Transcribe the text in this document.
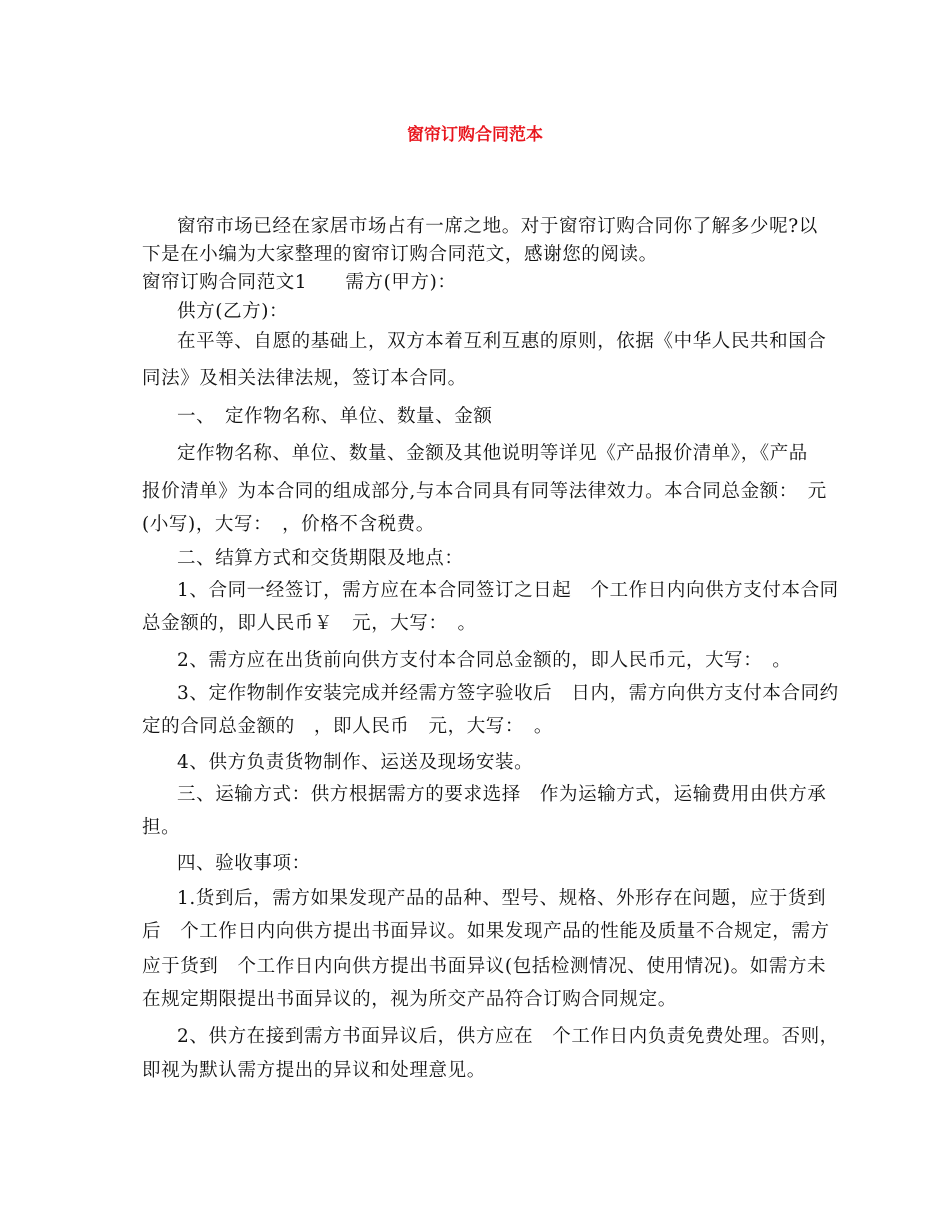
窗帘订购合同范本
窗帘市场已经在家居市场占有一席之地。对于窗帘订购合同你了解多少呢?以
下是在小编为大家整理的窗帘订购合同范文，感谢您的阅读。
窗帘订购合同范文1　　需方(甲方)：
供方(乙方)：
在平等、自愿的基础上，双方本着互利互惠的原则，依据《中华人民共和国合
同法》及相关法律法规，签订本合同。
一、　定作物名称、单位、数量、金额
定作物名称、单位、数量、金额及其他说明等详见《产品报价清单》，《产品
报价清单》为本合同的组成部分,与本合同具有同等法律效力。本合同总金额：　元
(小写)，大写：　，价格不含税费。
二、结算方式和交货期限及地点：
1、合同一经签订，需方应在本合同签订之日起　个工作日内向供方支付本合同
总金额的，即人民币￥　元，大写：　。
2、需方应在出货前向供方支付本合同总金额的，即人民币元，大写：　。
3、定作物制作安装完成并经需方签字验收后　日内，需方向供方支付本合同约
定的合同总金额的　，即人民币　元，大写：　。
4、供方负责货物制作、运送及现场安装。
三、运输方式：供方根据需方的要求选择　作为运输方式，运输费用由供方承
担。
四、验收事项：
1.货到后，需方如果发现产品的品种、型号、规格、外形存在问题，应于货到
后　个工作日内向供方提出书面异议。如果发现产品的性能及质量不合规定，需方
应于货到　个工作日内向供方提出书面异议(包括检测情况、使用情况)。如需方未
在规定期限提出书面异议的，视为所交产品符合订购合同规定。
2、供方在接到需方书面异议后，供方应在　个工作日内负责免费处理。否则，
即视为默认需方提出的异议和处理意见。
